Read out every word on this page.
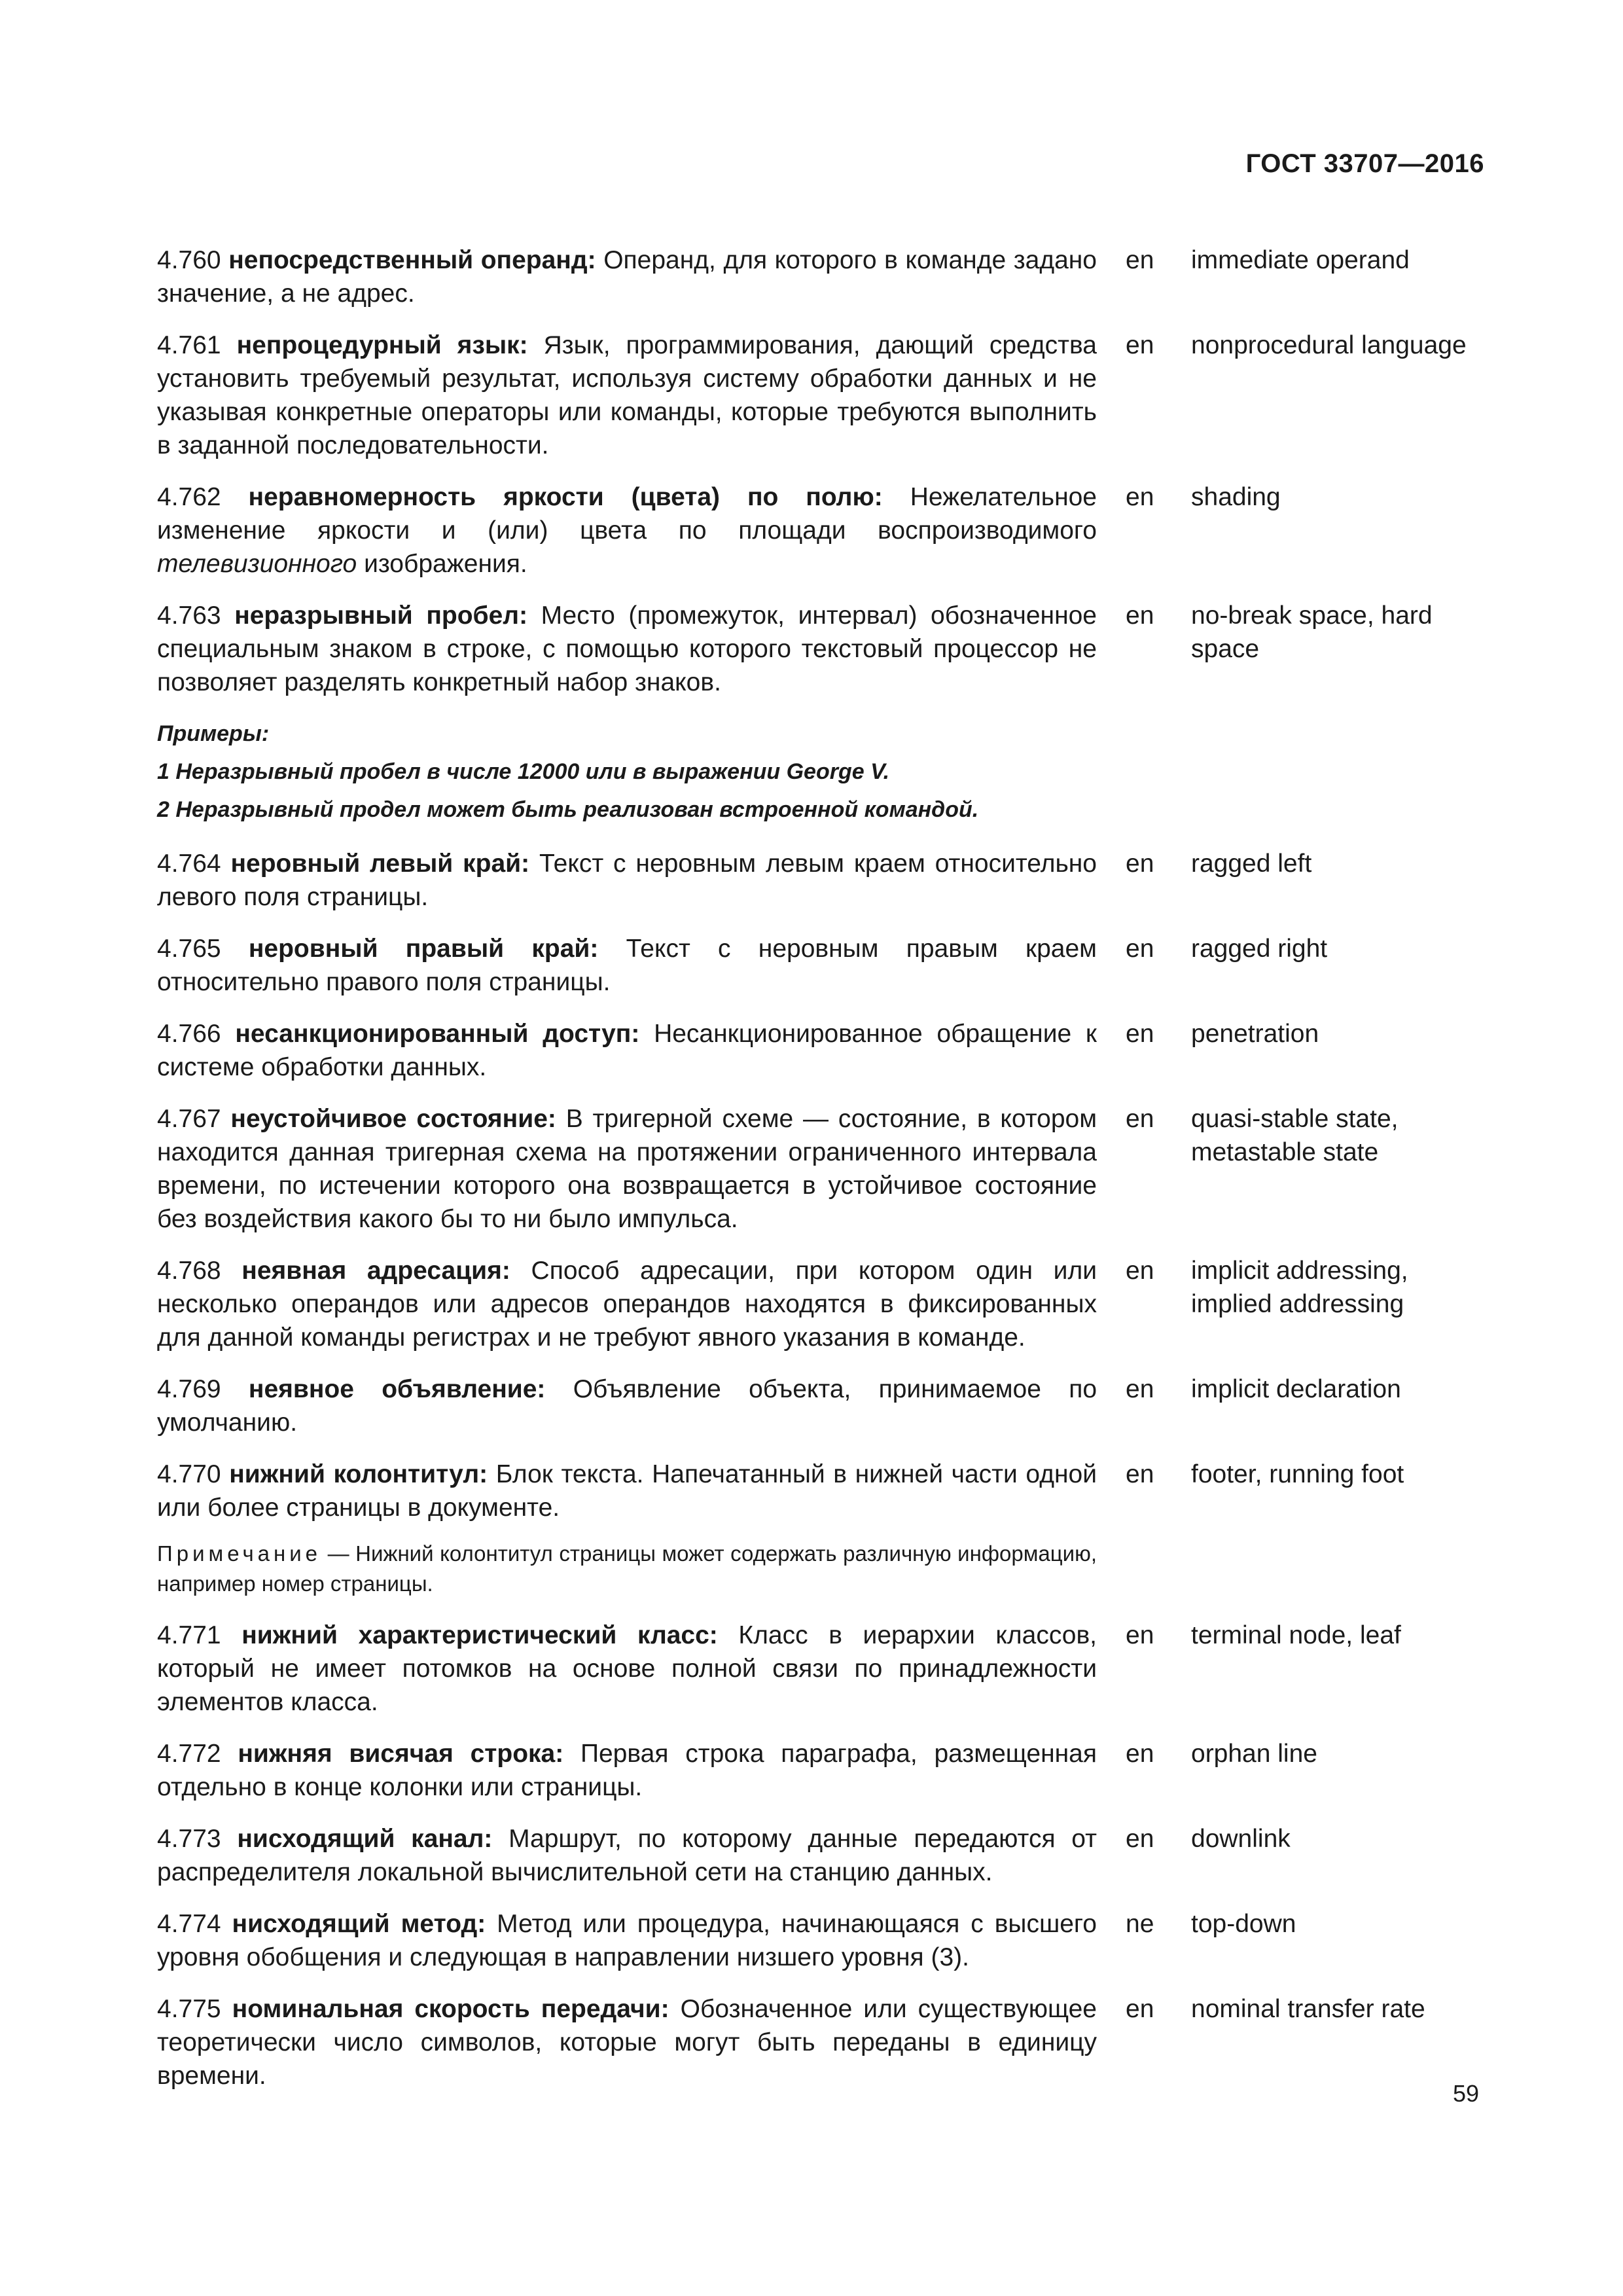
ГОСТ 33707—2016

4.760 непосредственный операнд: Операнд, для которого в команде задано значение, а не адрес.

en immediate operand

4.761 непроцедурный язык: Язык, программирования, дающий средства установить требуемый результат, используя систему обработки данных и не указывая конкретные операторы или команды, которые требуются выполнить в заданной последовательности.

en nonprocedural language

4.762 неравномерность яркости (цвета) по полю: Нежелательное изменение яркости и (или) цвета по площади воспроизводимого телевизионного изображения.

en shading

4.763 неразрывный пробел: Место (промежуток, интервал) обозначенное специальным знаком в строке, с помощью которого текстовый процессор не позволяет разделять конкретный набор знаков.

en no-break space, hard space
Примеры:
1 Неразрывный пробел в числе 12000 или в выражении George V.
2 Неразрывный продел может быть реализован встроенной командой.

4.764 неровный левый край: Текст с неровным левым краем относительно левого поля страницы.

en ragged left

4.765 неровный правый край: Текст с неровным правым краем относительно правого поля страницы.

en ragged right

4.766 несанкционированный доступ: Несанкционированное обращение к системе обработки данных.

en penetration

4.767 неустойчивое состояние: В тригерной схеме — состояние, в котором находится данная тригерная схема на протяжении ограниченного интервала времени, по истечении которого она возвращается в устойчивое состояние без воздействия какого бы то ни было импульса.

en quasi-stable state, metastable state

4.768 неявная адресация: Способ адресации, при котором один или несколько операндов или адресов операндов находятся в фиксированных для данной команды регистрах и не требуют явного указания в команде.

en implicit addressing, implied addressing

4.769 неявное объявление: Объявление объекта, принимаемое по умолчанию.

en implicit declaration

4.770 нижний колонтитул: Блок текста. Напечатанный в нижней части одной или более страницы в документе.

en footer, running foot
Примечание — Нижний колонтитул страницы может содержать различную информацию, например номер страницы.

4.771 нижний характеристический класс: Класс в иерархии классов, который не имеет потомков на основе полной связи по принадлежности элементов класса.

en terminal node, leaf

4.772 нижняя висячая строка: Первая строка параграфа, размещенная отдельно в конце колонки или страницы.

en orphan line

4.773 нисходящий канал: Маршрут, по которому данные передаются от распределителя локальной вычислительной сети на станцию данных.

en downlink

4.774 нисходящий метод: Метод или процедура, начинающаяся с высшего уровня обобщения и следующая в направлении низшего уровня (3).

ne top-down

4.775 номинальная скорость передачи: Обозначенное или существующее теоретически число символов, которые могут быть переданы в единицу времени.

en nominal transfer rate
59
